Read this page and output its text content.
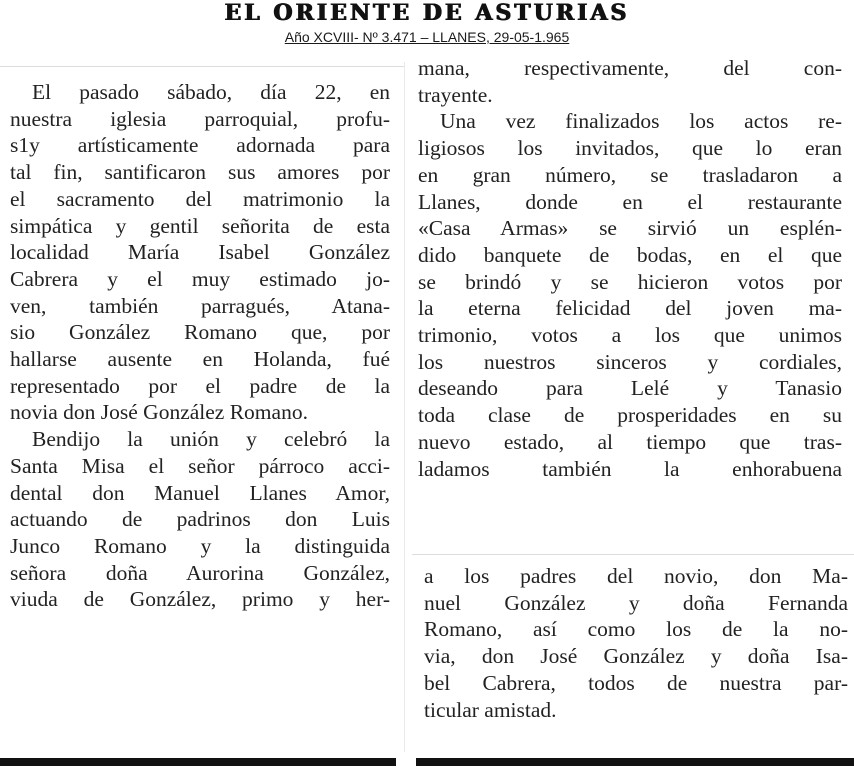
EL ORIENTE DE ASTURIAS
Año XCVIII- Nº 3.471 – LLANES, 29-05-1.965
El pasado sábado, día 22, en
nuestra iglesia parroquial, profu-
s1y artísticamente adornada para
tal fin, santificaron sus amores por
el sacramento del matrimonio la
simpática y gentil señorita de esta
localidad María Isabel González
Cabrera y el muy estimado jo-
ven, también parragués, Atana-
sio González Romano que, por
hallarse ausente en Holanda, fué
representado por el padre de la
novia don José González Romano.
Bendijo la unión y celebró la
Santa Misa el señor párroco acci-
dental don Manuel Llanes Amor,
actuando de padrinos don Luis
Junco Romano y la distinguida
señora doña Aurorina González,
viuda de González, primo y her-
mana, respectivamente, del con-
trayente.
Una vez finalizados los actos re-
ligiosos los invitados, que lo eran
en gran número, se trasladaron a
Llanes, donde en el restaurante
«Casa Armas» se sirvió un esplén-
dido banquete de bodas, en el que
se brindó y se hicieron votos por
la eterna felicidad del joven ma-
trimonio, votos a los que unimos
los nuestros sinceros y cordiales,
deseando para Lelé y Tanasio
toda clase de prosperidades en su
nuevo estado, al tiempo que tras-
ladamos también la enhorabuena
a los padres del novio, don Ma-
nuel González y doña Fernanda
Romano, así como los de la no-
via, don José González y doña Isa-
bel Cabrera, todos de nuestra par-
ticular amistad.
